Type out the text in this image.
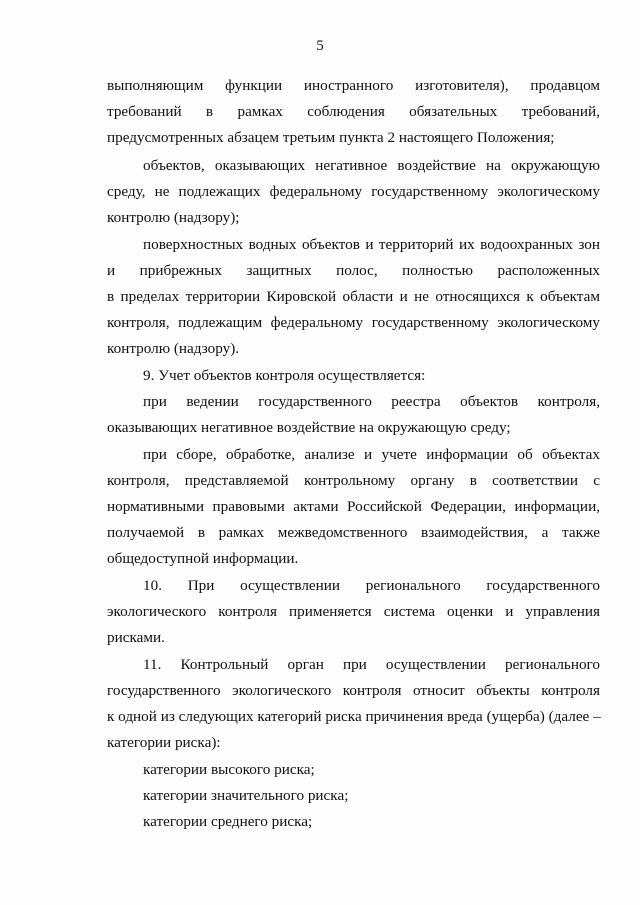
5
выполняющим функции иностранного изготовителя), продавцом
требований в рамках соблюдения обязательных требований,
предусмотренных абзацем третьим пункта 2 настоящего Положения;
объектов, оказывающих негативное воздействие на окружающую
среду, не подлежащих федеральному государственному экологическому
контролю (надзору);
поверхностных водных объектов и территорий их водоохранных зон
и прибрежных защитных полос, полностью расположенных
в пределах территории Кировской области и не относящихся к объектам
контроля, подлежащим федеральному государственному экологическому
контролю (надзору).
9. Учет объектов контроля осуществляется:
при ведении государственного реестра объектов контроля,
оказывающих негативное воздействие на окружающую среду;
при сборе, обработке, анализе и учете информации об объектах
контроля, представляемой контрольному органу в соответствии с
нормативными правовыми актами Российской Федерации, информации,
получаемой в рамках межведомственного взаимодействия, а также
общедоступной информации.
10. При осуществлении регионального государственного
экологического контроля применяется система оценки и управления
рисками.
11. Контрольный орган при осуществлении регионального
государственного экологического контроля относит объекты контроля
к одной из следующих категорий риска причинения вреда (ущерба) (далее –
категории риска):
категории высокого риска;
категории значительного риска;
категории среднего риска;
